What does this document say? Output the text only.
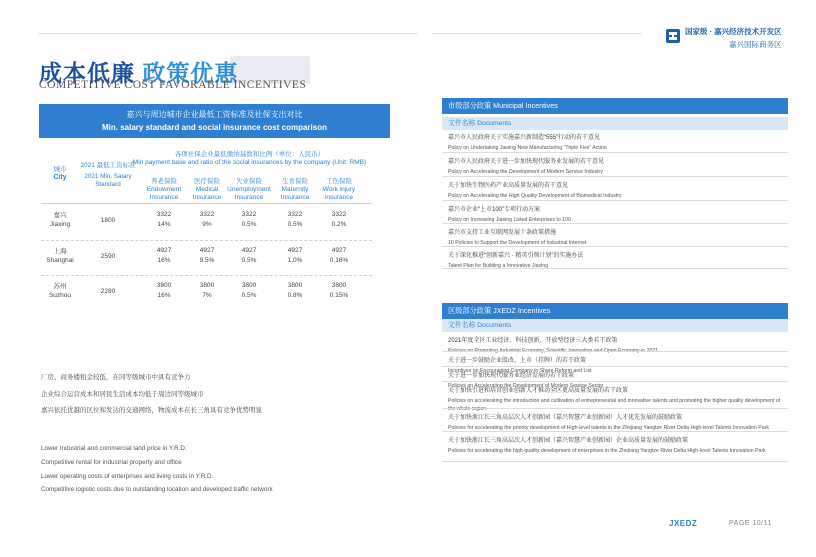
国家级 · 嘉兴经济技术开发区
嘉兴国际商务区
成本低廉 政策优惠
COMPETITIVE COST FAVORABLE INCENTIVES
嘉兴与周边城市企业最低工资标准及社保支出对比
Min. salary standard and social insurance cost comparison
城市
City
2021 最低工资标准
2021 Min. Salary Standard
各项社保企业最低缴纳基数和比例（单位：人民币）
Min payment base and ratio of the social insurances by the company (Unit: RMB)
养老保险
Endowment
Insurance
医疗保险
Medical
Insurance
失业保险
Unemployment
Insurance
生育保险
Maternity
Insurance
工伤保险
Work injury
insurance
嘉兴
Jiaxing
1800
3322
14%
3322
9%
3322
0.5%
3322
0.5%
3322
0.2%
上海
Shanghai
2590
4927
16%
4927
9.5%
4927
0.5%
4927
1.0%
4927
0.16%
苏州
Suzhou
2280
3800
16%
3800
7%
3800
0.5%
3800
0.8%
3800
0.15%
厂房、商务楼租金较低，在同等级城市中具有竞争力
企业综合运营成本和居民生活成本均低于周边同等级城市
嘉兴依托优越的区位和发达的交通网络，物流成本在长三角具有竞争优势明显
Lower Industrial and commercial land price in Y.R.D.
Competitive rental for industrial property and office
Lower operating costs of enterprises and living costs in Y.R.D.
Competitive logistic costs due to outstanding location and developed traffic network
市级部分政策 Municipal Incentives
文件名称 Documents
嘉兴市人民政府关于实施嘉兴新制造“555”行动的若干意见
Policy on Undertaking Jiaxing New Manufacturing “Triple Five” Action
嘉兴市人民政府关于进一步加快现代服务业发展的若干意见
Policy on Accelerating the Development of Modern Service Industry
关于加快生物医药产业高质量发展的若干意见
Policy on Accelerating the High Quality Development of Biomedical Industry
嘉兴市企业“上市100”专项行动方案
Policy on Increasing Jiaxing Listed Enterprises to 100
嘉兴市支持工业互联网发展十条政策措施
10 Policies to Support the Development of Industrial Internet
关于深化推进“创新嘉兴 · 精英引领计划”的实施办法
Talent Plan for Building a Innovative Jiaxing
区级部分政策 JXEDZ Incentives
文件名称 Documents
2021年度全区工业经济、科技创新、开放型经济三大类若干政策
Policies on Promoting Industrial Economy, Scientific Innovation and Open Economy in 2021
关于进一步鼓励企业股改、上市（挂牌）的若干政策
Incentives on Encouraging Company in Share Reform and List
关于进一步加快现代服务业经济发展的若干政策
Policies on Accelerating the Development of Modern Service Sector
关于加快引进和培育创业创新人才推动全区更高质量发展的若干政策
Policies on accelerating the introduction and cultivation of entrepreneurial and innovative talents and promoting the higher quality development of the whole region
关于加快浙江长三角高层次人才创新园（嘉兴智慧产业创新园）人才优先发展的鼓励政策
Policies for accelerating the priority development of High-level talents in the Zhejiang Yangtze River Delta High-level Talents Innovation Park
关于加快浙江长三角高层次人才创新园（嘉兴智慧产业创新园）企业高质量发展的鼓励政策
Policies for accelerating the high-quality development of enterprises in the Zhejiang Yangtze River Delta High-level Talents Innovation Park
JXEDZ	PAGE 10/11
